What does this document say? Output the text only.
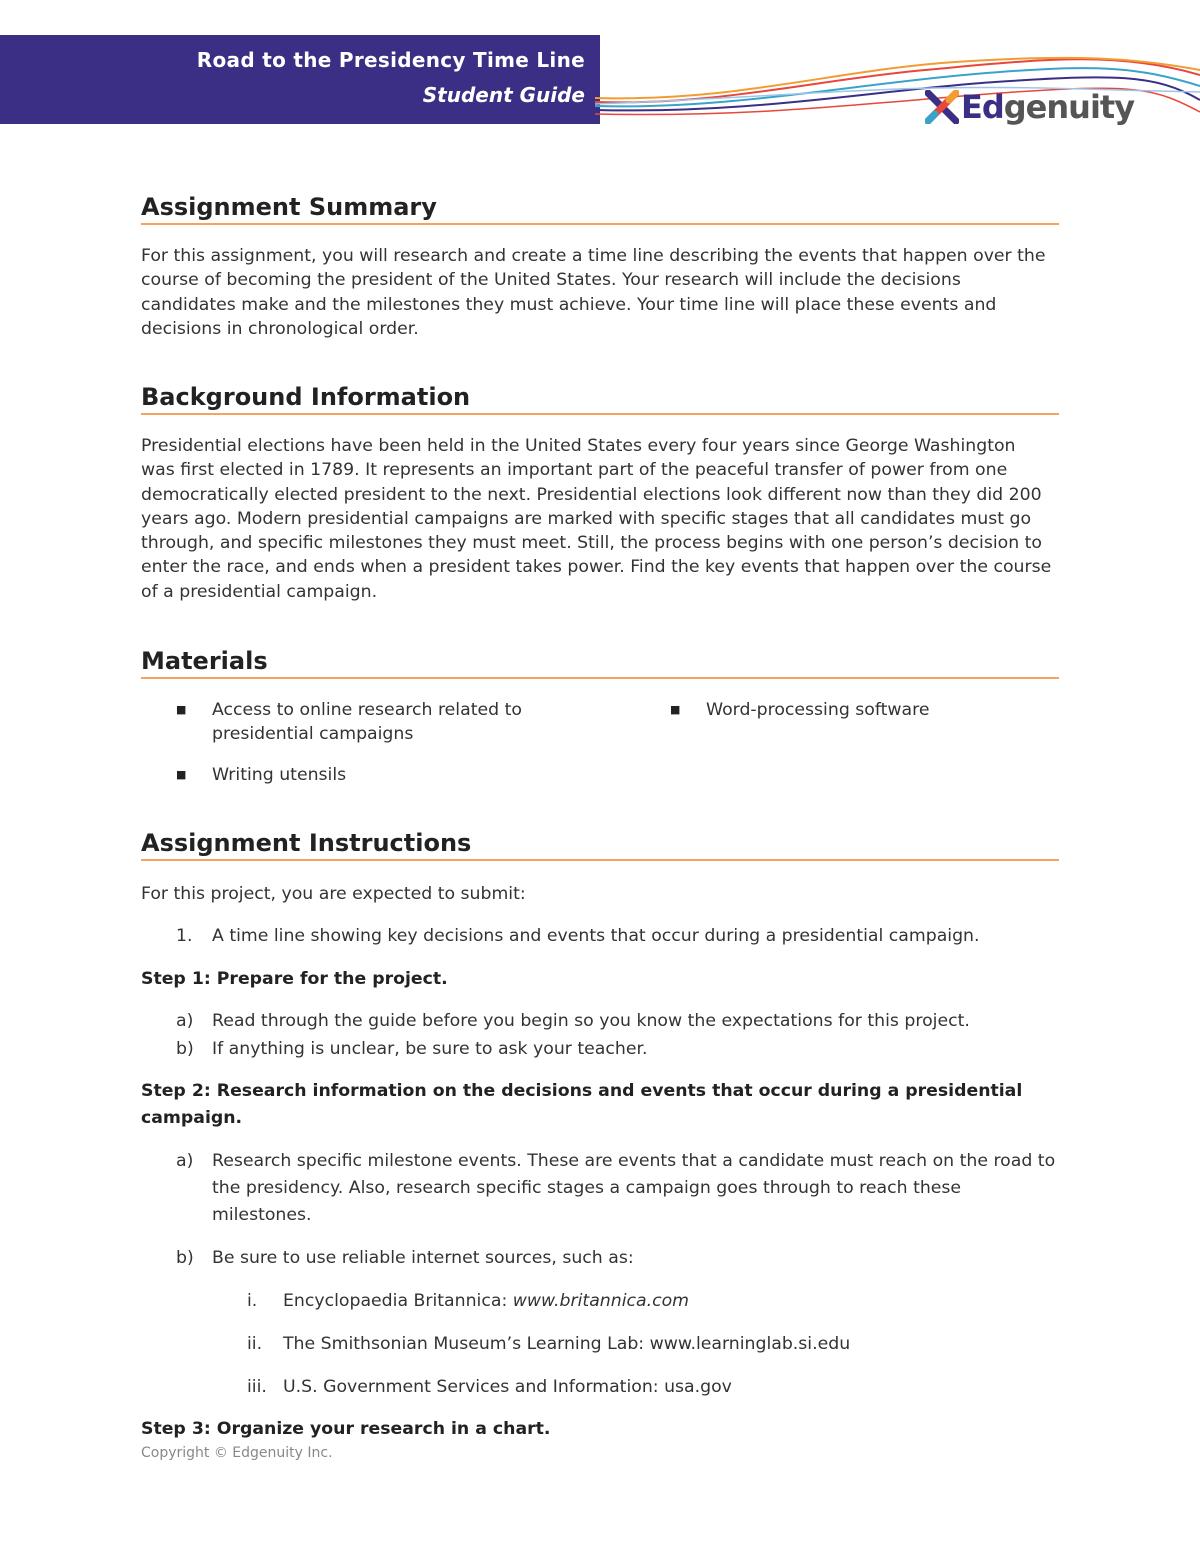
Road to the Presidency Time Line
Student Guide	Edgenuity
Assignment Summary
For this assignment, you will research and create a time line describing the events that happen over the
course of becoming the president of the United States. Your research will include the decisions
candidates make and the milestones they must achieve. Your time line will place these events and
decisions in chronological order.
Background Information
Presidential elections have been held in the United States every four years since George Washington
was first elected in 1789. It represents an important part of the peaceful transfer of power from one
democratically elected president to the next. Presidential elections look different now than they did 200
years ago. Modern presidential campaigns are marked with specific stages that all candidates must go
through, and specific milestones they must meet. Still, the process begins with one person’s decision to
enter the race, and ends when a president takes power. Find the key events that happen over the course
of a presidential campaign.
Materials
■ Access to online research related to presidential campaigns
■ Writing utensils
■ Word-processing software
Assignment Instructions
For this project, you are expected to submit:
1. A time line showing key decisions and events that occur during a presidential campaign.
Step 1: Prepare for the project.
a) Read through the guide before you begin so you know the expectations for this project.
b) If anything is unclear, be sure to ask your teacher.
Step 2: Research information on the decisions and events that occur during a presidential
campaign.
a) Research specific milestone events. These are events that a candidate must reach on the road to
the presidency. Also, research specific stages a campaign goes through to reach these
milestones.
b) Be sure to use reliable internet sources, such as:
i. Encyclopaedia Britannica: www.britannica.com
ii. The Smithsonian Museum’s Learning Lab: www.learninglab.si.edu
iii. U.S. Government Services and Information: usa.gov
Step 3: Organize your research in a chart.
Copyright © Edgenuity Inc.
